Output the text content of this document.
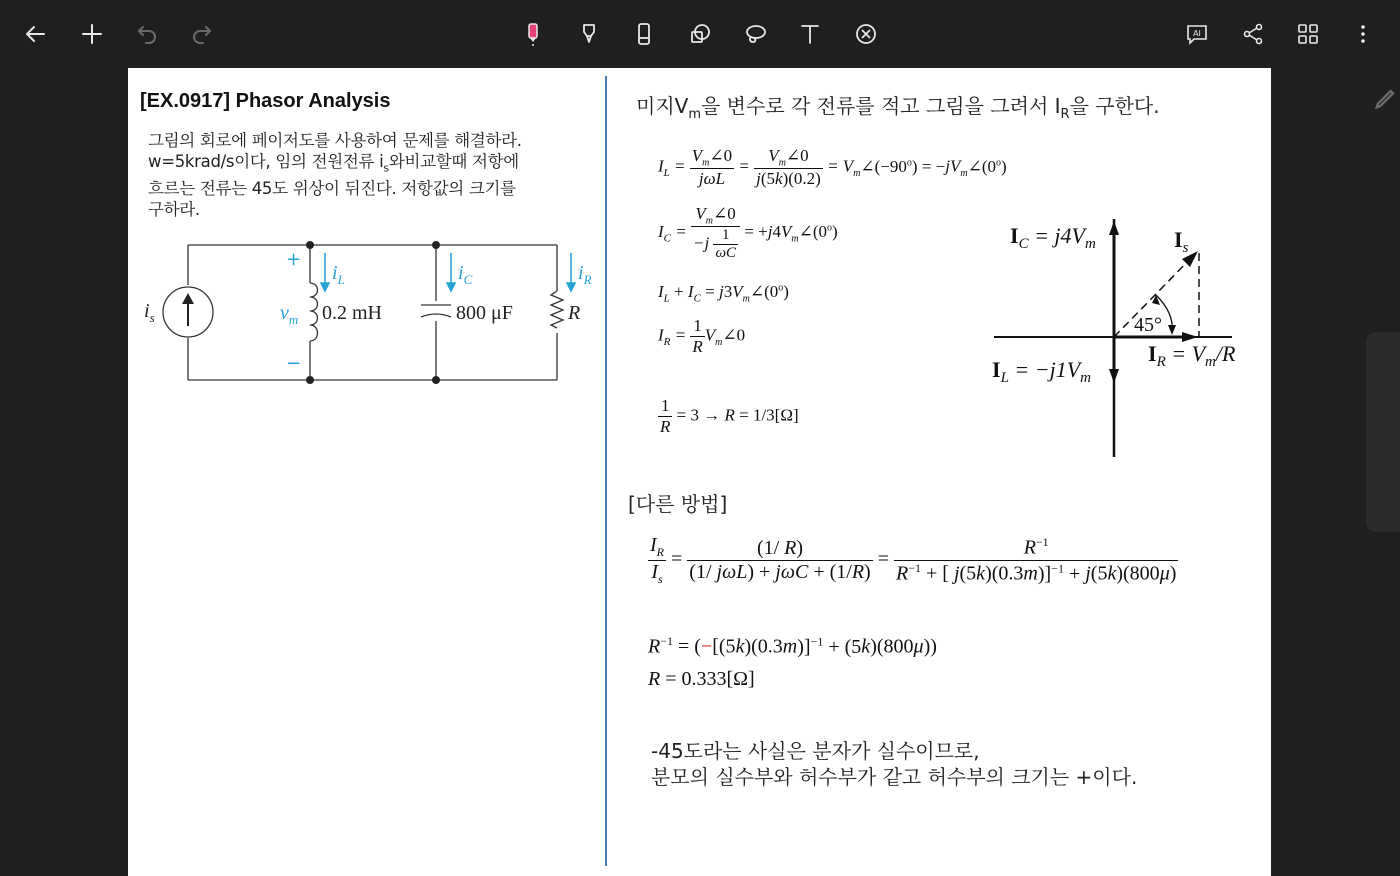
AI
[EX.0917] Phasor Analysis
그림의 회로에 페이저도를 사용하여 문제를 해결하라.
w=5krad/s이다, 임의 전원전류 $i_s$와비교할때 저항에
흐르는 전류는 45도 위상이 뒤진다. 저항값의 크기를
구하라.
$i_s$
+
−
$v_m$ 0.2 mH	800 μF	R
$i_L$	$i_C$	$i_R$
미지$V_m$을 변수로 각 전류를 적고 그림을 그려서 $I_R$을 구한다.
$I_L = \frac{V_m\angle 0}{\text{jωL}} = \frac{V_m\angle 0}{j(5k)(0.2)}$ = $V_m\angle(-90^o)$ = $-jV_m\angle(0^o)$
$I_C = \frac{V_m\angle 0}{-j \frac{1}{\omega C}}$ = $+j4V_m\angle(0^o)$
$I_L + I_C$ = $j3V_m\angle(0^o)$
$I_R = \frac{1}{R}$ $V_m\angle 0$
$\frac{1}{R} = 3 \to R = 1/3[\Omega]$
$I_C = j4V_m$	$I_s$
45°
$I_R = V_m/R$
$I_L = -j1V_m$
[다른 방법]
$\frac{I_R}{I_s} = \frac{(1/ R)}{\text{(1/ jωL) + jωC + (1/R)}} = \frac{R^{-1}}{R^{-1} + [ j(5k)(0.3m)]^{-1} + j(5k)(800\mu)}$
$R^{-1} = (-[(5k)(0.3m)]^{-1} + (5k)(800\mu))$
R = 0.333[Ω]
-45도라는 사실은 분자가 실수이므로,
분모의 실수부와 허수부가 같고 허수부의 크기는 +이다.
